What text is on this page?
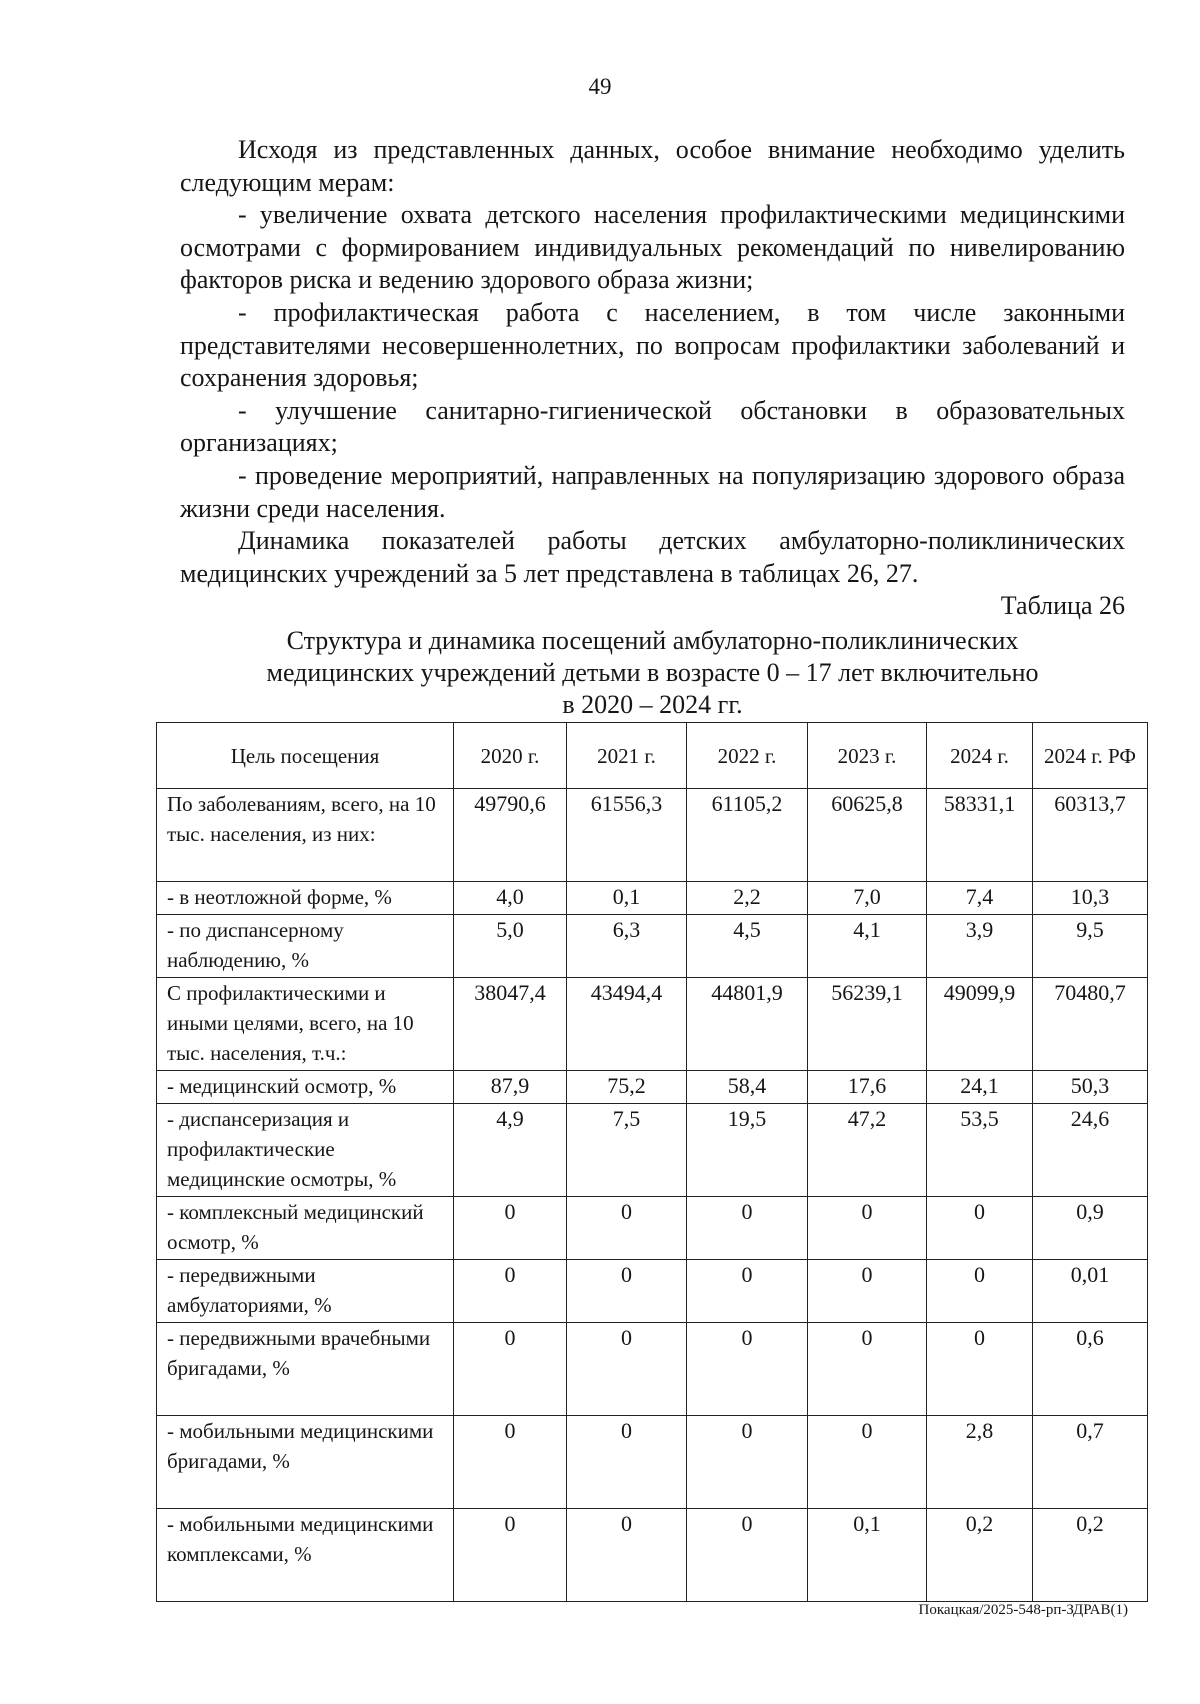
49

Исходя из представленных данных, особое внимание необходимо уделить следующим мерам:

- увеличение охвата детского населения профилактическими медицинскими осмотрами с формированием индивидуальных рекомендаций по нивелированию факторов риска и ведению здорового образа жизни;

- профилактическая работа с населением, в том числе законными представителями несовершеннолетних, по вопросам профилактики заболеваний и сохранения здоровья;

- улучшение санитарно-гигиенической обстановки в образовательных организациях;

- проведение мероприятий, направленных на популяризацию здорового образа жизни среди населения.

Динамика показателей работы детских амбулаторно-поликлинических медицинских учреждений за 5 лет представлена в таблицах 26, 27.

Таблица 26

Структура и динамика посещений амбулаторно-поликлинических
медицинских учреждений детьми в возрасте 0 – 17 лет включительно
в 2020 – 2024 гг.

Цель посещения	2020 г.	2021 г.	2022 г.	2023 г.	2024 г.	2024 г. РФ
По заболеваниям, всего, на 10 тыс. населения, из них:	49790,6	61556,3	61105,2	60625,8	58331,1	60313,7
- в неотложной форме, %	4,0	0,1	2,2	7,0	7,4	10,3
- по диспансерному наблюдению, %	5,0	6,3	4,5	4,1	3,9	9,5
С профилактическими и иными целями, всего, на 10 тыс. населения, т.ч.:	38047,4	43494,4	44801,9	56239,1	49099,9	70480,7
- медицинский осмотр, %	87,9	75,2	58,4	17,6	24,1	50,3
- диспансеризация и профилактические медицинские осмотры, %	4,9	7,5	19,5	47,2	53,5	24,6
- комплексный медицинский осмотр, %	0	0	0	0	0	0,9
- передвижными амбулаториями, %	0	0	0	0	0	0,01
- передвижными врачебными бригадами, %	0	0	0	0	0	0,6
- мобильными медицинскими бригадами, %	0	0	0	0	2,8	0,7
- мобильными медицинскими комплексами, %	0	0	0	0,1	0,2	0,2
Покацкая/2025-548-рп-ЗДРАВ(1)
